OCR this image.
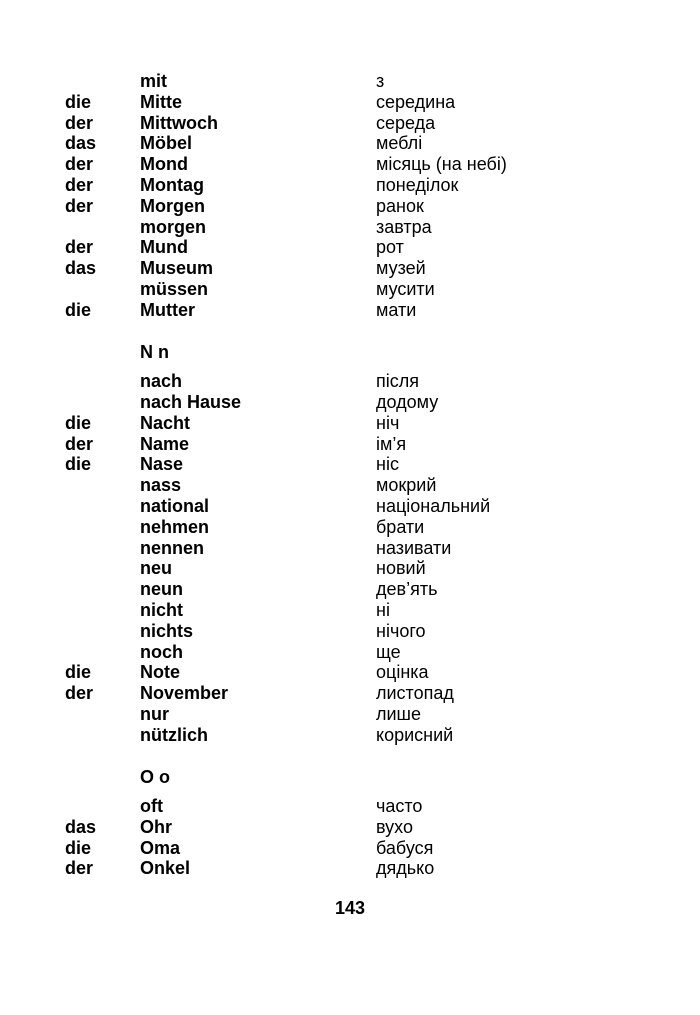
mit	з
die	Mitte	середина
der	Mittwoch	середа
das Möbel	меблі
der	Mond	місяць (на небі)
der	Montag	понеділок
der	Morgen	ранок
morgen	завтра
der	Mund	рот
das Museum	музей
müssen	мусити
die	Mutter	мати
N n
nach	після
nach Hause	додому
die	Nacht	ніч
der	Name	ім’я
die	Nase	ніс
nass	мокрий
national	національний
nehmen	брати
nennen	називати
neu	новий
neun	дев’ять
nicht	ні
nichts	нічого
noch	ще
die	Note	оцінка
der	November	листопад
nur	лише
nützlich	корисний
O o
oft	часто
das Ohr	вухо
die	Oma	бабуся
der	Onkel	дядько
143
